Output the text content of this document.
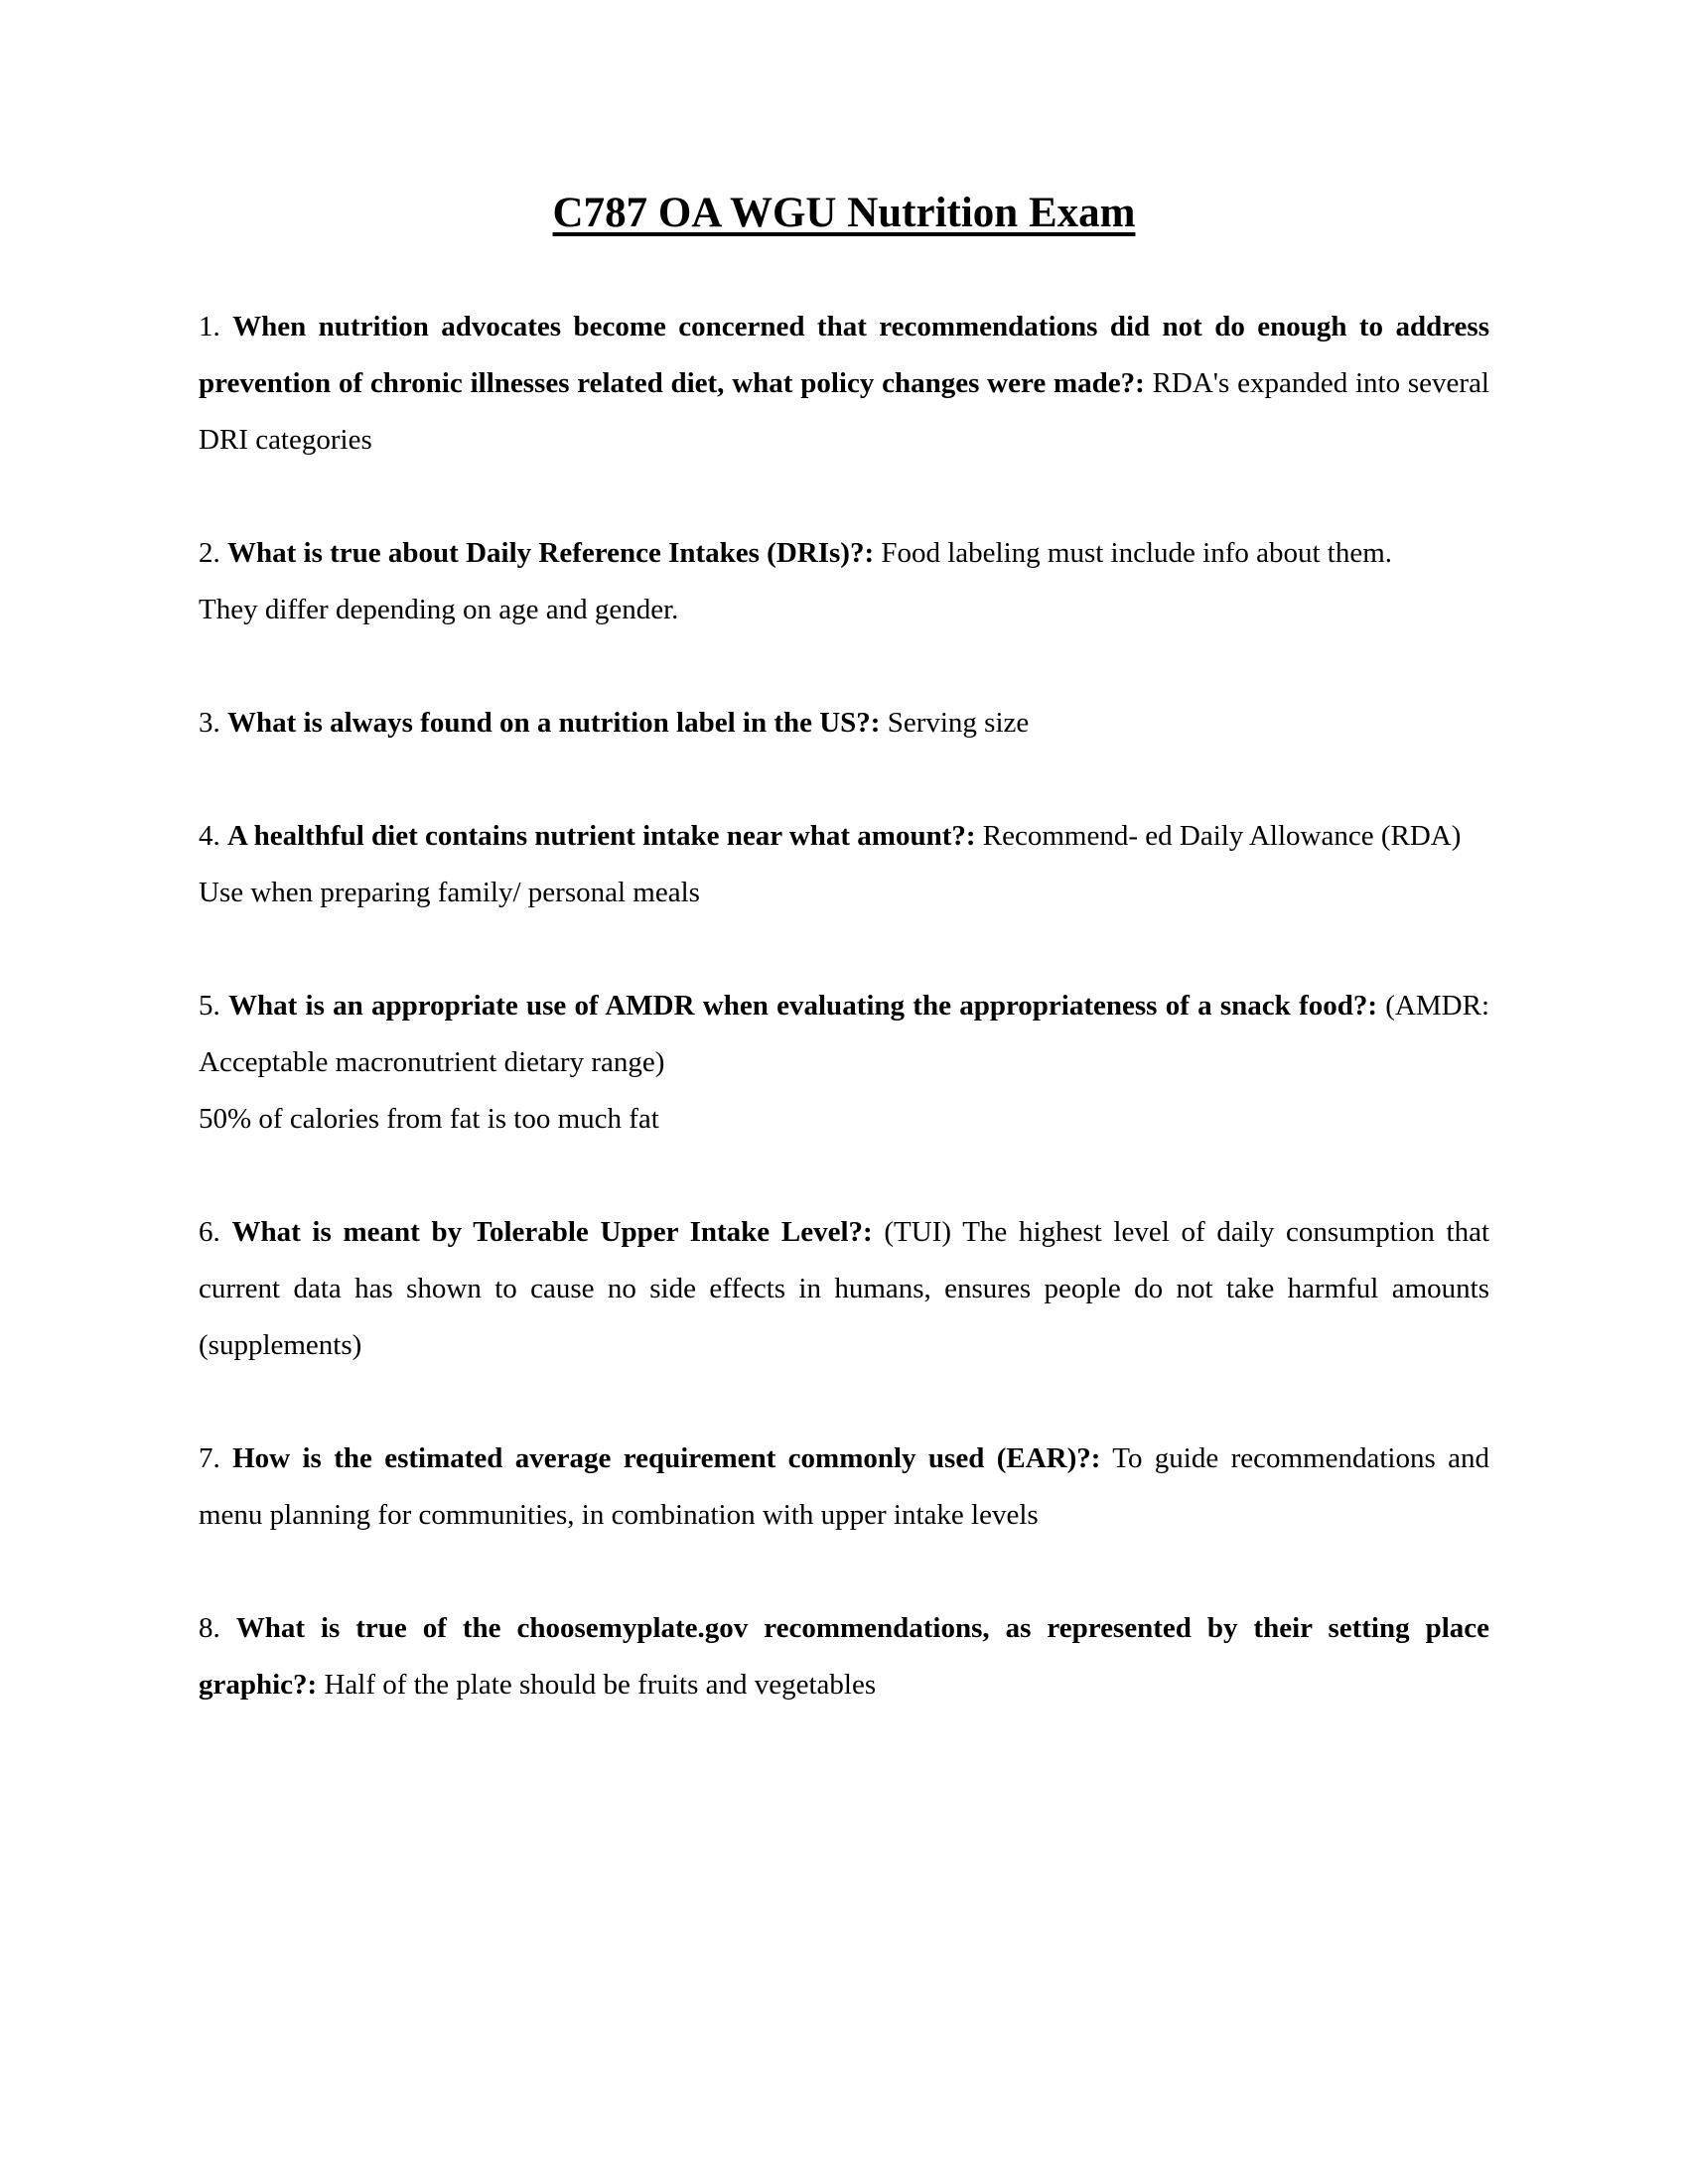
C787 OA WGU Nutrition Exam

1. When nutrition advocates become concerned that recommendations did not do enough to address prevention of chronic illnesses related diet, what policy changes were made?: RDA's expanded into several DRI categories

2. What is true about Daily Reference Intakes (DRIs)?: Food labeling must include info about them.

They differ depending on age and gender.

3. What is always found on a nutrition label in the US?: Serving size

4. A healthful diet contains nutrient intake near what amount?: Recommend- ed Daily Allowance (RDA)

Use when preparing family/ personal meals

5. What is an appropriate use of AMDR when evaluating the appropriateness of a snack food?: (AMDR: Acceptable macronutrient dietary range)

50% of calories from fat is too much fat

6. What is meant by Tolerable Upper Intake Level?: (TUI) The highest level of daily consumption that current data has shown to cause no side effects in humans, ensures people do not take harmful amounts (supplements)

7. How is the estimated average requirement commonly used (EAR)?: To guide recommendations and menu planning for communities, in combination with upper intake levels

8. What is true of the choosemyplate.gov recommendations, as represented by their setting place graphic?: Half of the plate should be fruits and vegetables
